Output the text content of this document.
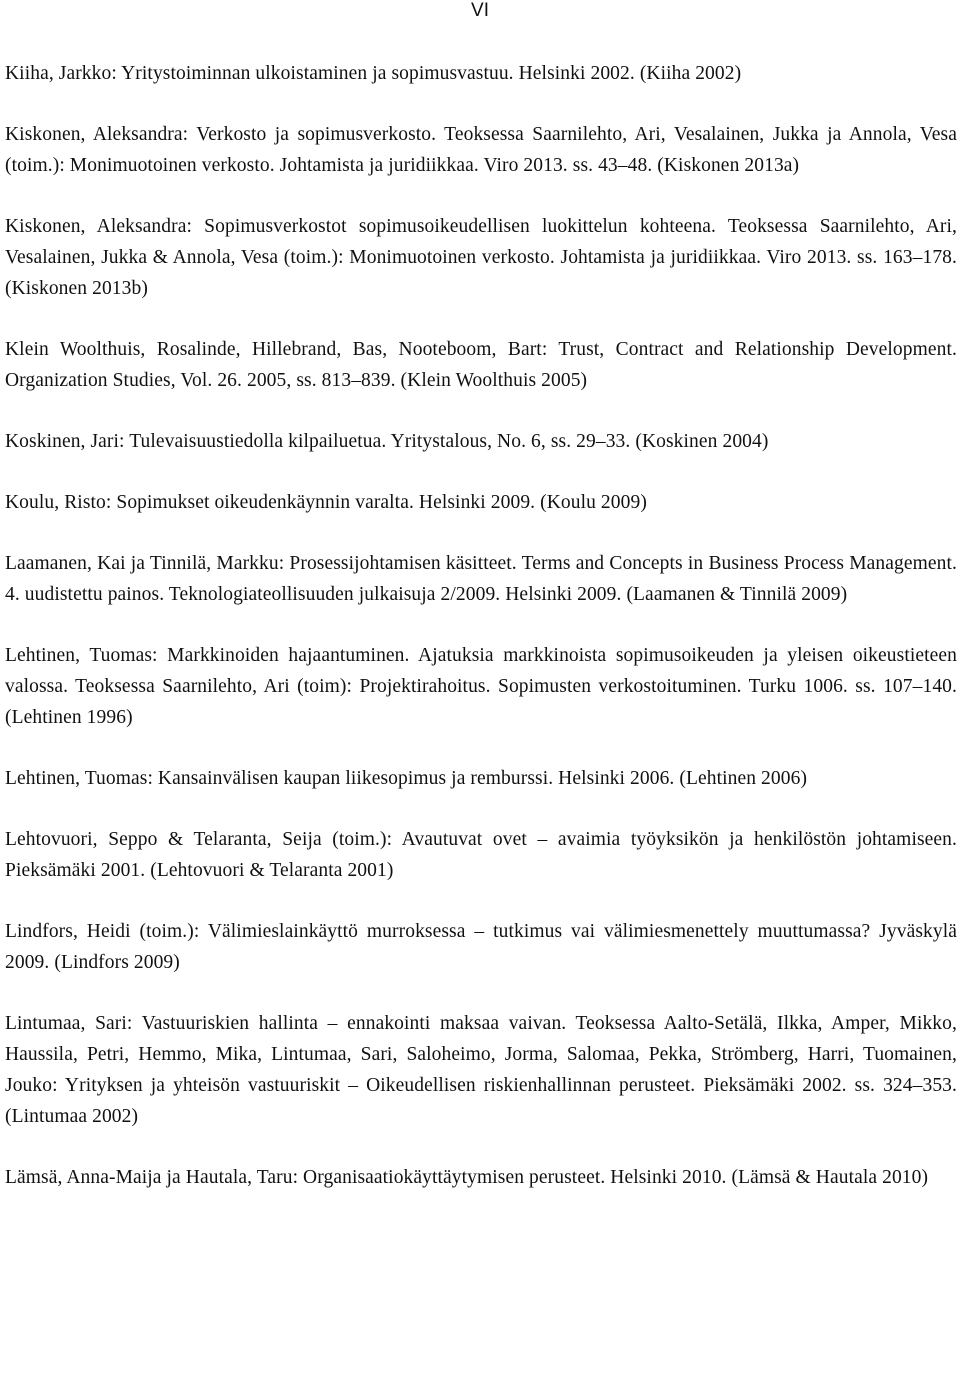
VI

Kiiha, Jarkko: Yritystoiminnan ulkoistaminen ja sopimusvastuu. Helsinki 2002. (Kiiha 2002)

Kiskonen, Aleksandra: Verkosto ja sopimusverkosto. Teoksessa Saarnilehto, Ari, Vesalainen, Jukka ja Annola, Vesa (toim.): Monimuotoinen verkosto. Johtamista ja juridiikkaa. Viro 2013. ss. 43–48. (Kiskonen 2013a)

Kiskonen, Aleksandra: Sopimusverkostot sopimusoikeudellisen luokittelun kohteena. Teoksessa Saarnilehto, Ari, Vesalainen, Jukka & Annola, Vesa (toim.): Monimuotoinen verkosto. Johtamista ja juridiikkaa. Viro 2013. ss. 163–178. (Kiskonen 2013b)

Klein Woolthuis, Rosalinde, Hillebrand, Bas, Nooteboom, Bart: Trust, Contract and Relationship Development. Organization Studies, Vol. 26. 2005, ss. 813–839. (Klein Woolthuis 2005)

Koskinen, Jari: Tulevaisuustiedolla kilpailuetua. Yritystalous, No. 6, ss. 29–33. (Koskinen 2004)

Koulu, Risto: Sopimukset oikeudenkäynnin varalta. Helsinki 2009. (Koulu 2009)

Laamanen, Kai ja Tinnilä, Markku: Prosessijohtamisen käsitteet. Terms and Concepts in Business Process Management. 4. uudistettu painos. Teknologiateollisuuden julkaisuja 2/2009. Helsinki 2009. (Laamanen & Tinnilä 2009)

Lehtinen, Tuomas: Markkinoiden hajaantuminen. Ajatuksia markkinoista sopimusoikeuden ja yleisen oikeustieteen valossa. Teoksessa Saarnilehto, Ari (toim): Projektirahoitus. Sopimusten verkostoituminen. Turku 1006. ss. 107–140. (Lehtinen 1996)

Lehtinen, Tuomas: Kansainvälisen kaupan liikesopimus ja remburssi. Helsinki 2006. (Lehtinen 2006)

Lehtovuori, Seppo & Telaranta, Seija (toim.): Avautuvat ovet – avaimia työyksikön ja henkilöstön johtamiseen. Pieksämäki 2001. (Lehtovuori & Telaranta 2001)

Lindfors, Heidi (toim.): Välimieslainkäyttö murroksessa – tutkimus vai välimiesmenettely muuttumassa? Jyväskylä 2009. (Lindfors 2009)

Lintumaa, Sari: Vastuuriskien hallinta – ennakointi maksaa vaivan. Teoksessa Aalto-Setälä, Ilkka, Amper, Mikko, Haussila, Petri, Hemmo, Mika, Lintumaa, Sari, Saloheimo, Jorma, Salomaa, Pekka, Strömberg, Harri, Tuomainen, Jouko: Yrityksen ja yhteisön vastuuriskit – Oikeudellisen riskienhallinnan perusteet. Pieksämäki 2002. ss. 324–353. (Lintumaa 2002)

Lämsä, Anna-Maija ja Hautala, Taru: Organisaatiokäyttäytymisen perusteet. Helsinki 2010. (Lämsä & Hautala 2010)
